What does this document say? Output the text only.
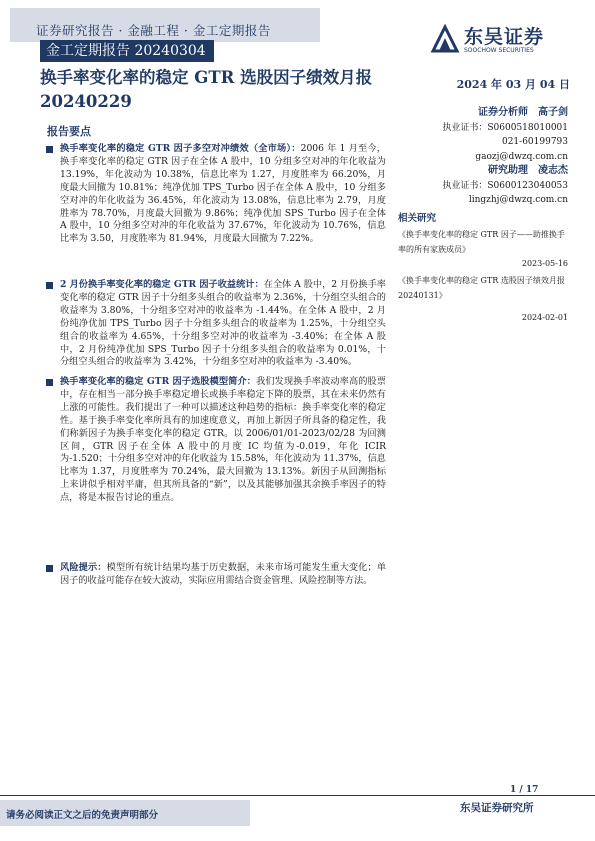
证券研究报告 · 金融工程 · 金工定期报告
金工定期报告 20240304
东吴证券
SOOCHOW SECURITIES
换手率变化率的稳定 GTR 选股因子绩效月报 20240229
2024 年 03 月 04 日
报告要点
换手率变化率的稳定 GTR 因子多空对冲绩效（全市场）：2006 年 1 月至今，换手率变化率的稳定 GTR 因子在全体 A 股中，10 分组多空对冲的年化收益为 13.19%，年化波动为 10.38%，信息比率为 1.27，月度胜率为 66.20%，月度最大回撤为 10.81%；纯净优加 TPS_Turbo 因子在全体 A 股中，10 分组多空对冲的年化收益为 36.45%，年化波动为 13.08%，信息比率为 2.79，月度胜率为 78.70%，月度最大回撤为 9.86%；纯净优加 SPS_Turbo 因子在全体 A 股中，10 分组多空对冲的年化收益为 37.67%，年化波动为 10.76%，信息比率为 3.50，月度胜率为 81.94%，月度最大回撤为 7.22%。
2 月份换手率变化率的稳定 GTR 因子收益统计：在全体 A 股中，2 月份换手率变化率的稳定 GTR 因子十分组多头组合的收益率为 2.36%，十分组空头组合的收益率为 3.80%，十分组多空对冲的收益率为 -1.44%。在全体 A 股中，2 月份纯净优加 TPS_Turbo 因子十分组多头组合的收益率为 1.25%，十分组空头组合的收益率为 4.65%，十分组多空对冲的收益率为 -3.40%；在全体 A 股中，2 月份纯净优加 SPS_Turbo 因子十分组多头组合的收益率为 0.01%，十分组空头组合的收益率为 3.42%，十分组多空对冲的收益率为 -3.40%。
换手率变化率的稳定 GTR 因子选股模型简介：我们发现换手率波动率高的股票中，存在相当一部分换手率稳定增长或换手率稳定下降的股票，其在未来仍然有上涨的可能性。我们提出了一种可以描述这种趋势的指标：换手率变化率的稳定性。基于换手率变化率所具有的加速度意义，再加上新因子所具备的稳定性，我们称新因子为换手率变化率的稳定 GTR。以 2006/01/01-2023/02/28 为回测区间，GTR 因子在全体 A 股中的月度 IC 均值为-0.019，年化 ICIR 为-1.520；十分组多空对冲的年化收益为 15.58%，年化波动为 11.37%，信息比率为 1.37，月度胜率为 70.24%，最大回撤为 13.13%。新因子从回测指标上来讲似乎相对平庸，但其所具备的“新”，以及其能够加强其余换手率因子的特点，将是本报告讨论的重点。
风险提示：模型所有统计结果均基于历史数据，未来市场可能发生重大变化；单因子的收益可能存在较大波动，实际应用需结合资金管理、风险控制等方法。
证券分析师　高子剑
执业证书：S0600518010001
021-60199793
gaozj@dwzq.com.cn
研究助理　凌志杰
执业证书：S0600123040053
lingzhj@dwzq.com.cn
相关研究
《换手率变化率的稳定 GTR 因子——助推换手率的所有家族成员》
2023-05-16
《换手率变化率的稳定 GTR 选股因子绩效月报 20240131》
2024-02-01
1 / 17
请务必阅读正文之后的免责声明部分
东吴证券研究所
